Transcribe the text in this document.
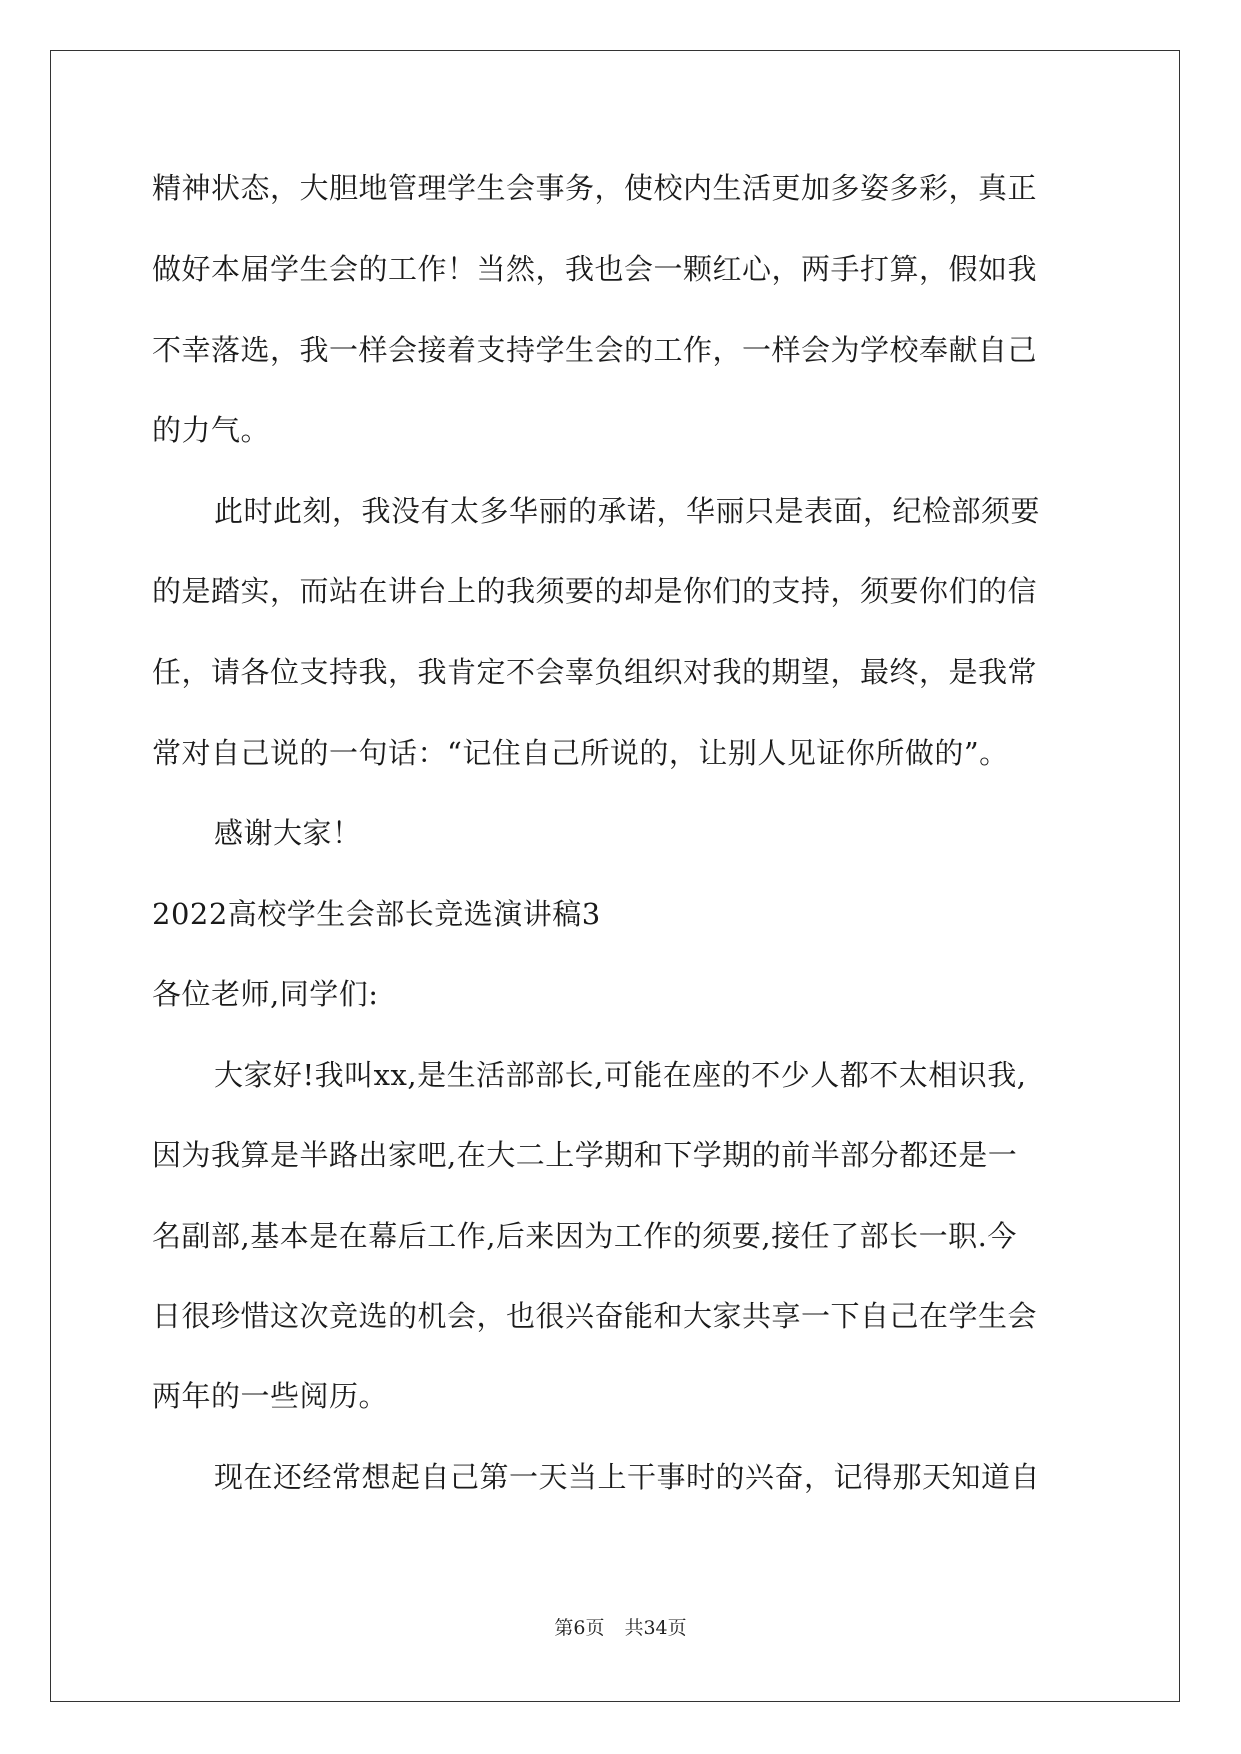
精神状态，大胆地管理学生会事务，使校内生活更加多姿多彩，真正
做好本届学生会的工作！当然，我也会一颗红心，两手打算，假如我
不幸落选，我一样会接着支持学生会的工作，一样会为学校奉献自己
的力气。
此时此刻，我没有太多华丽的承诺，华丽只是表面，纪检部须要
的是踏实，而站在讲台上的我须要的却是你们的支持，须要你们的信
任，请各位支持我，我肯定不会辜负组织对我的期望，最终，是我常
常对自己说的一句话：“记住自己所说的，让别人见证你所做的”。
感谢大家！
2022高校学生会部长竞选演讲稿3
各位老师,同学们:
大家好!我叫xx,是生活部部长,可能在座的不少人都不太相识我,
因为我算是半路出家吧,在大二上学期和下学期的前半部分都还是一
名副部,基本是在幕后工作,后来因为工作的须要,接任了部长一职.今
日很珍惜这次竞选的机会，也很兴奋能和大家共享一下自己在学生会
两年的一些阅历。
现在还经常想起自己第一天当上干事时的兴奋，记得那天知道自
第6页 共34页
